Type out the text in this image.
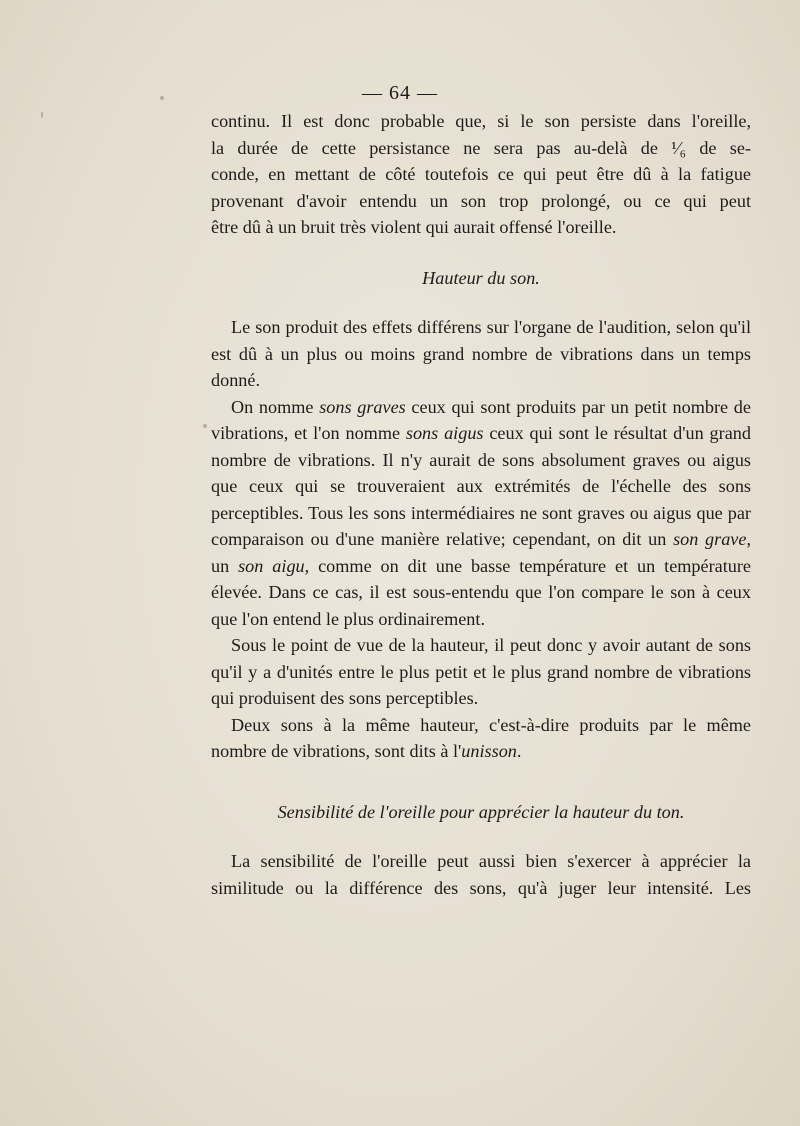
— 64 —
continu. Il est donc probable que, si le son persiste dans l'oreille,
la durée de cette persistance ne sera pas au-delà de ¹⁄₆ de se-
conde, en mettant de côté toutefois ce qui peut être dû à la fatigue
provenant d'avoir entendu un son trop prolongé, ou ce qui peut
être dû à un bruit très violent qui aurait offensé l'oreille.
Hauteur du son.

Le son produit des effets différens sur l'organe de l'audition, selon qu'il est dû à un plus ou moins grand nombre de vibrations dans un temps donné.

On nomme sons graves ceux qui sont produits par un petit nombre de vibrations, et l'on nomme sons aigus ceux qui sont le résultat d'un grand nombre de vibrations. Il n'y aurait de sons absolument graves ou aigus que ceux qui se trouveraient aux extrémités de l'échelle des sons perceptibles. Tous les sons intermédiaires ne sont graves ou aigus que par comparaison ou d'une manière relative; cependant, on dit un son grave, un son aigu, comme on dit une basse température et un température élevée. Dans ce cas, il est sous-entendu que l'on compare le son à ceux que l'on entend le plus ordinairement.

Sous le point de vue de la hauteur, il peut donc y avoir autant de sons qu'il y a d'unités entre le plus petit et le plus grand nombre de vibrations qui produisent des sons perceptibles.

Deux sons à la même hauteur, c'est-à-dire produits par le même nombre de vibrations, sont dits à l'unisson.

Sensibilité de l'oreille pour apprécier la hauteur du ton.

La sensibilité de l'oreille peut aussi bien s'exercer à apprécier la similitude ou la différence des sons, qu'à juger leur intensité. Les
